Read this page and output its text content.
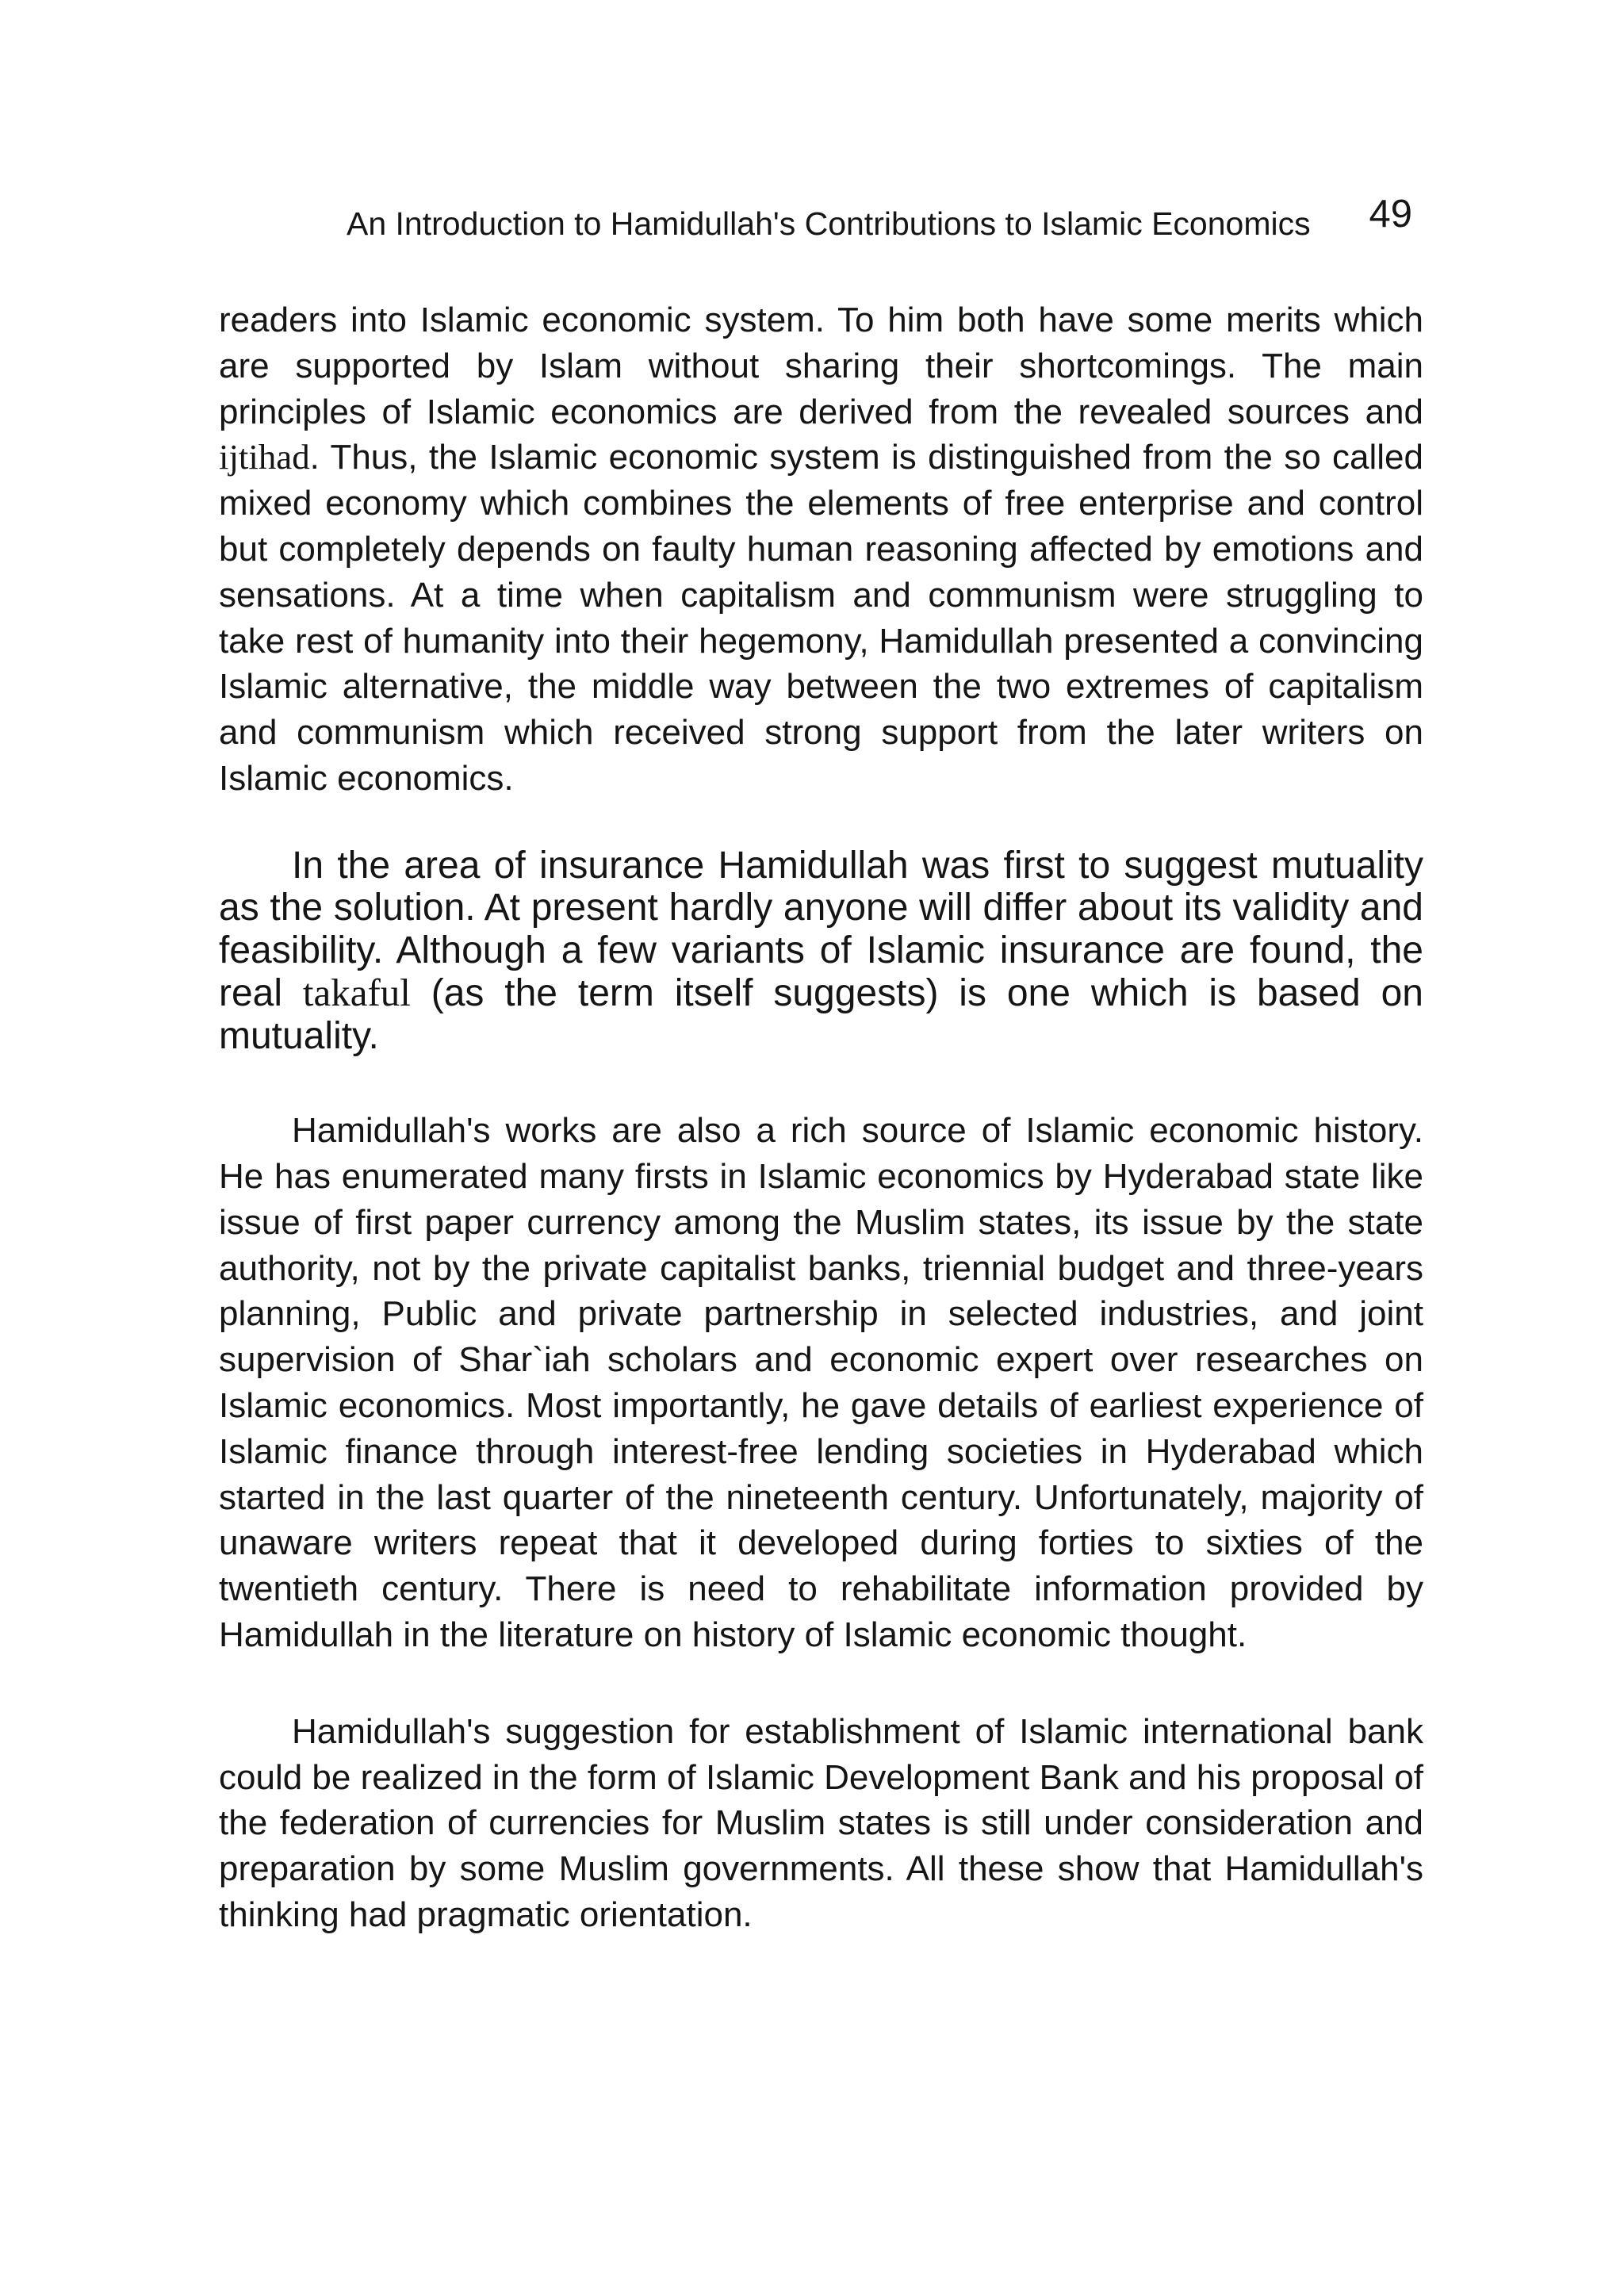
An Introduction to Hamidullah's Contributions to Islamic Economics 49

readers into Islamic economic system. To him both have some merits which are supported by Islam without sharing their shortcomings. The main principles of Islamic economics are derived from the revealed sources and ijtihad. Thus, the Islamic economic system is distinguished from the so called mixed economy which combines the elements of free enterprise and control but completely depends on faulty human reasoning affected by emotions and sensations. At a time when capitalism and communism were struggling to take rest of humanity into their hegemony, Hamidullah presented a convincing Islamic alternative, the middle way between the two extremes of capitalism and communism which received strong support from the later writers on Islamic economics.

In the area of insurance Hamidullah was first to suggest mutuality as the solution. At present hardly anyone will differ about its validity and feasibility. Although a few variants of Islamic insurance are found, the real takaful (as the term itself suggests) is one which is based on mutuality.

Hamidullah's works are also a rich source of Islamic economic history. He has enumerated many firsts in Islamic economics by Hyderabad state like issue of first paper currency among the Muslim states, its issue by the state authority, not by the private capitalist banks, triennial budget and three-years planning, Public and private partnership in selected industries, and joint supervision of Shar`iah scholars and economic expert over researches on Islamic economics. Most importantly, he gave details of earliest experience of Islamic finance through interest-free lending societies in Hyderabad which started in the last quarter of the nineteenth century. Unfortunately, majority of unaware writers repeat that it developed during forties to sixties of the twentieth century. There is need to rehabilitate information provided by Hamidullah in the literature on history of Islamic economic thought.

Hamidullah's suggestion for establishment of Islamic international bank could be realized in the form of Islamic Development Bank and his proposal of the federation of currencies for Muslim states is still under consideration and preparation by some Muslim governments. All these show that Hamidullah's thinking had pragmatic orientation.
